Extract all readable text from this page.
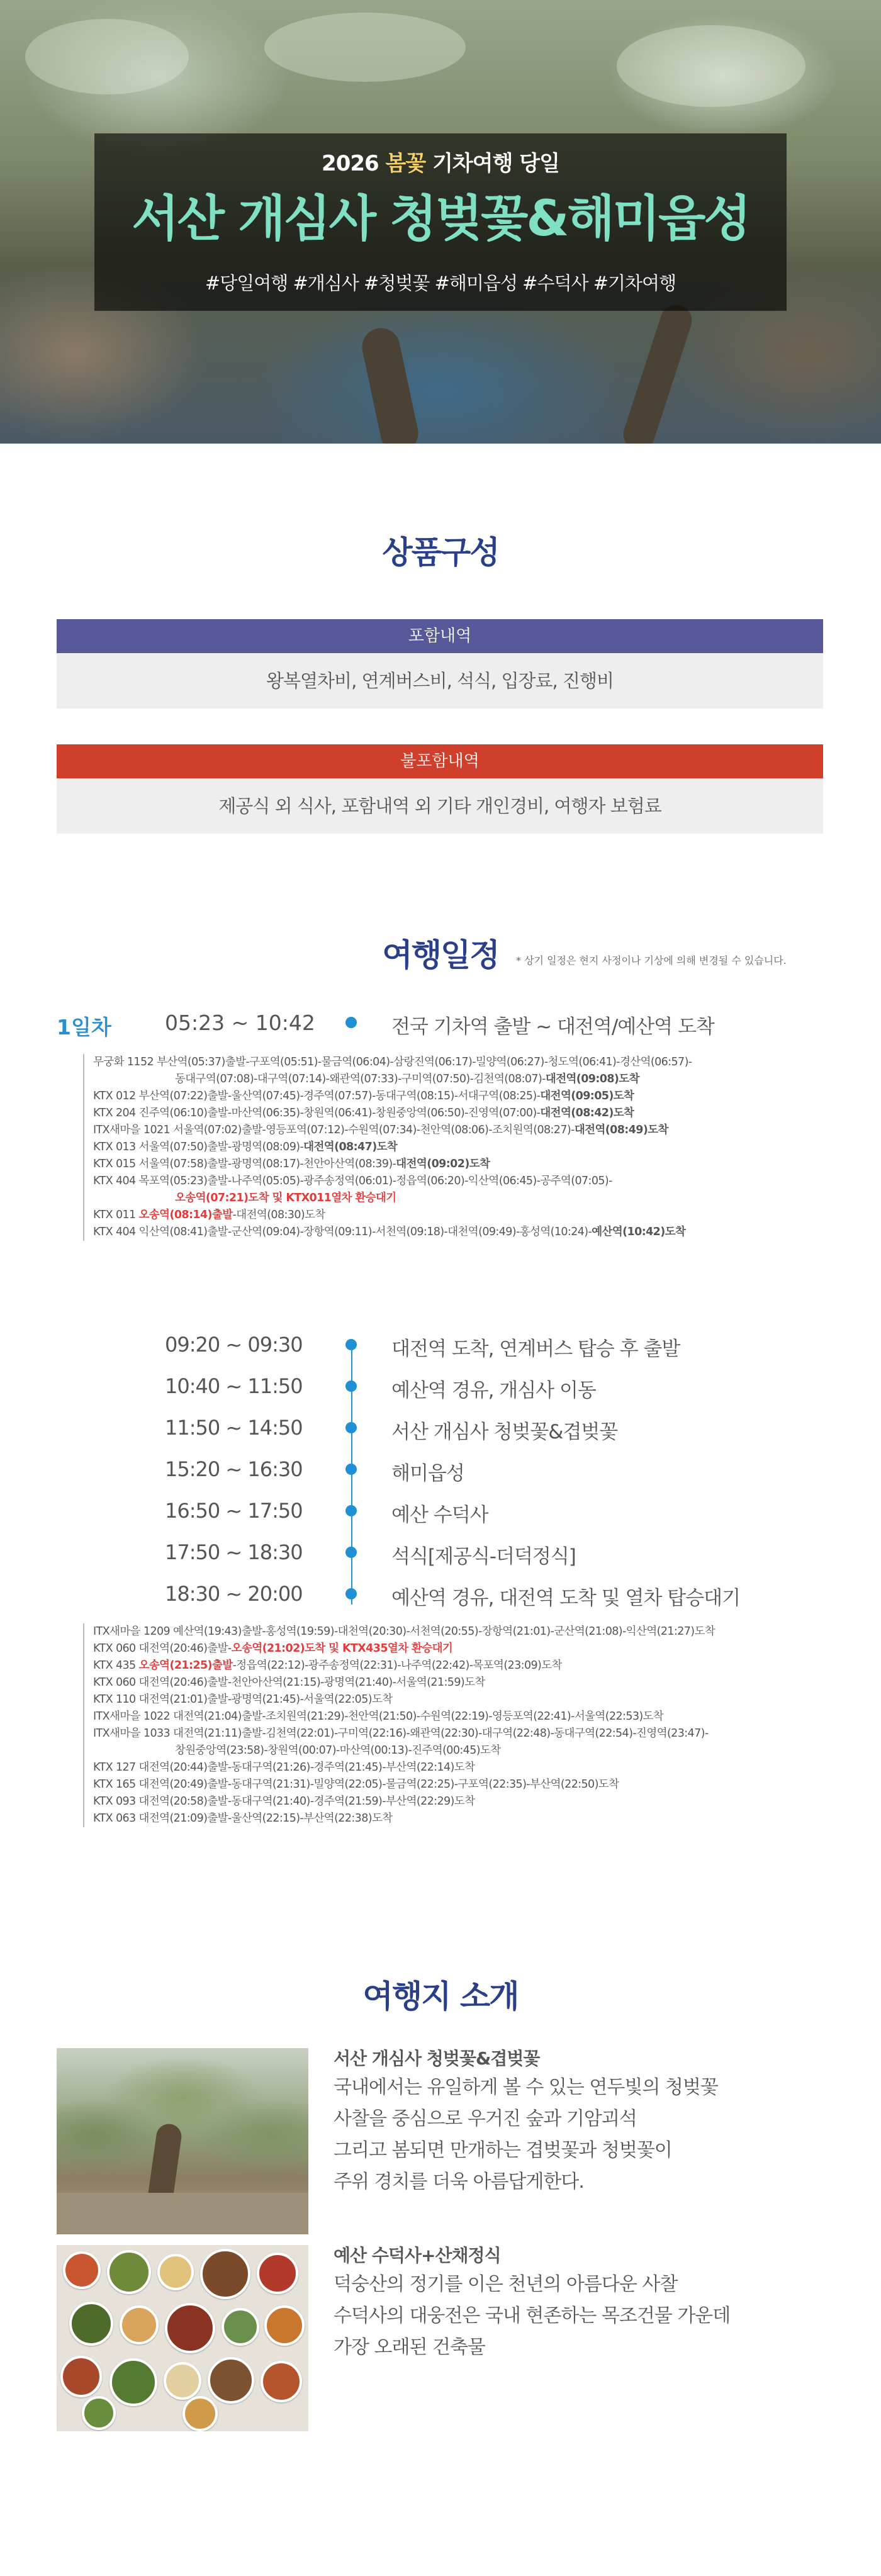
2026 봄꽃 기차여행 당일
서산 개심사 청벚꽃&해미읍성
#당일여행 #개심사 #청벚꽃 #해미읍성 #수덕사 #기차여행
상품구성
포함내역
왕복열차비, 연계버스비, 석식, 입장료, 진행비
불포함내역
제공식 외 식사, 포함내역 외 기타 개인경비, 여행자 보험료
여행일정	* 상기 일정은 현지 사정이나 기상에 의해 변경될 수 있습니다.
1일차	05:23 ~ 10:42	전국 기차역 출발 ~ 대전역/예산역 도착
무궁화 1152 부산역(05:37)출발-구포역(05:51)-물금역(06:04)-삼랑진역(06:17)-밀양역(06:27)-청도역(06:41)-경산역(06:57)-
동대구역(07:08)-대구역(07:14)-왜관역(07:33)-구미역(07:50)-김천역(08:07)-대전역(09:08)도착
KTX 012 부산역(07:22)출발-울산역(07:45)-경주역(07:57)-동대구역(08:15)-서대구역(08:25)-대전역(09:05)도착
KTX 204 진주역(06:10)출발-마산역(06:35)-창원역(06:41)-창원중앙역(06:50)-진영역(07:00)-대전역(08:42)도착
ITX새마을 1021 서울역(07:02)출발-영등포역(07:12)-수원역(07:34)-천안역(08:06)-조치원역(08:27)-대전역(08:49)도착
KTX 013 서울역(07:50)출발-광명역(08:09)-대전역(08:47)도착
KTX 015 서울역(07:58)출발-광명역(08:17)-천안아산역(08:39)-대전역(09:02)도착
KTX 404 목포역(05:23)출발-나주역(05:05)-광주송정역(06:01)-정읍역(06:20)-익산역(06:45)-공주역(07:05)-
오송역(07:21)도착 및 KTX011열차 환승대기
KTX 011 오송역(08:14)출발-대전역(08:30)도착
KTX 404 익산역(08:41)출발-군산역(09:04)-장항역(09:11)-서천역(09:18)-대천역(09:49)-홍성역(10:24)-예산역(10:42)도착
09:20 ~ 09:30	대전역 도착, 연계버스 탑승 후 출발
10:40 ~ 11:50	예산역 경유, 개심사 이동
11:50 ~ 14:50	서산 개심사 청벚꽃&겹벚꽃
15:20 ~ 16:30	해미읍성
16:50 ~ 17:50	예산 수덕사
17:50 ~ 18:30	석식[제공식-더덕정식]
18:30 ~ 20:00	예산역 경유, 대전역 도착 및 열차 탑승대기
ITX새마을 1209 예산역(19:43)출발-홍성역(19:59)-대천역(20:30)-서천역(20:55)-장항역(21:01)-군산역(21:08)-익산역(21:27)도착
KTX 060 대전역(20:46)출발-오송역(21:02)도착 및 KTX435열차 환승대기
KTX 435 오송역(21:25)출발-정읍역(22:12)-광주송정역(22:31)-나주역(22:42)-목포역(23:09)도착
KTX 060 대전역(20:46)출발-천안아산역(21:15)-광명역(21:40)-서울역(21:59)도착
KTX 110 대전역(21:01)출발-광명역(21:45)-서울역(22:05)도착
ITX새마을 1022 대전역(21:04)출발-조치원역(21:29)-천안역(21:50)-수원역(22:19)-영등포역(22:41)-서울역(22:53)도착
ITX새마을 1033 대전역(21:11)출발-김천역(22:01)-구미역(22:16)-왜관역(22:30)-대구역(22:48)-동대구역(22:54)-진영역(23:47)-
창원중앙역(23:58)-창원역(00:07)-마산역(00:13)-진주역(00:45)도착
KTX 127 대전역(20:44)출발-동대구역(21:26)-경주역(21:45)-부산역(22:14)도착
KTX 165 대전역(20:49)출발-동대구역(21:31)-밀양역(22:05)-물금역(22:25)-구포역(22:35)-부산역(22:50)도착
KTX 093 대전역(20:58)출발-동대구역(21:40)-경주역(21:59)-부산역(22:29)도착
KTX 063 대전역(21:09)출발-울산역(22:15)-부산역(22:38)도착
여행지 소개
서산 개심사 청벚꽃&겹벚꽃
국내에서는 유일하게 볼 수 있는 연두빛의 청벚꽃
사찰을 중심으로 우거진 숲과 기암괴석
그리고 봄되면 만개하는 겹벚꽃과 청벚꽃이
주위 경치를 더욱 아름답게한다.
예산 수덕사+산채정식
덕숭산의 정기를 이은 천년의 아름다운 사찰
수덕사의 대웅전은 국내 현존하는 목조건물 가운데
가장 오래된 건축물
